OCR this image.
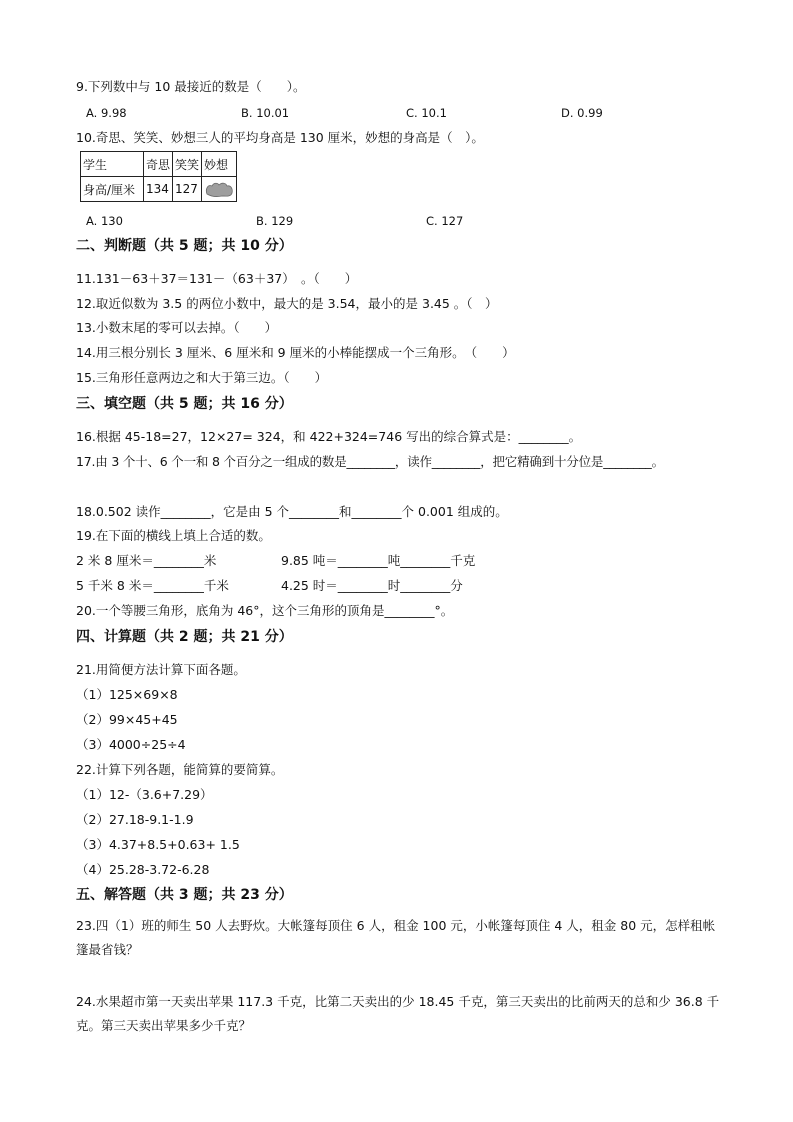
9.下列数中与 10 最接近的数是（　　）。
A. 9.98	B. 10.01	C. 10.1	D. 0.99
10.奇思、笑笑、妙想三人的平均身高是 130 厘米，妙想的身高是（　）。
学生	奇思	笑笑	妙想
身高/厘米	134	127	
A. 130	B. 129	C. 127
二、判断题（共 5 题；共 10 分）
11.131－63＋37＝131－（63＋37）　。（　　）
12.取近似数为 3.5 的两位小数中，最大的是 3.54，最小的是 3.45 。（　）
13.小数末尾的零可以去掉。（　　）
14.用三根分别长 3 厘米、6 厘米和 9 厘米的小棒能摆成一个三角形。　（　　）
15.三角形任意两边之和大于第三边。（　　）
三、填空题（共 5 题；共 16 分）
16.根据 45-18=27，12×27= 324，和 422+324=746 写出的综合算式是：________。
17.由 3 个十、6 个一和 8 个百分之一组成的数是________，读作________，把它精确到十分位是________。
18.0.502 读作________，它是由 5 个________和________个 0.001 组成的。
19.在下面的横线上填上合适的数。
2 米 8 厘米＝________米	9.85 吨＝________吨________千克
5 千米 8 米＝________千米	4.25 时＝________时________分
20.一个等腰三角形，底角为 46°，这个三角形的顶角是________°。
四、计算题（共 2 题；共 21 分）
21.用简便方法计算下面各题。
（1）125×69×8
（2）99×45+45
（3）4000÷25÷4
22.计算下列各题，能简算的要简算。
（1）12-（3.6+7.29）
（2）27.18-9.1-1.9
（3）4.37+8.5+0.63+ 1.5
（4）25.28-3.72-6.28
五、解答题（共 3 题；共 23 分）
23.四（1）班的师生 50 人去野炊。大帐篷每顶住 6 人，租金 100 元，小帐篷每顶住 4 人，租金 80 元，怎样租帐篷最省钱？
24.水果超市第一天卖出苹果 117.3 千克，比第二天卖出的少 18.45 千克，第三天卖出的比前两天的总和少 36.8 千克。第三天卖出苹果多少千克？
